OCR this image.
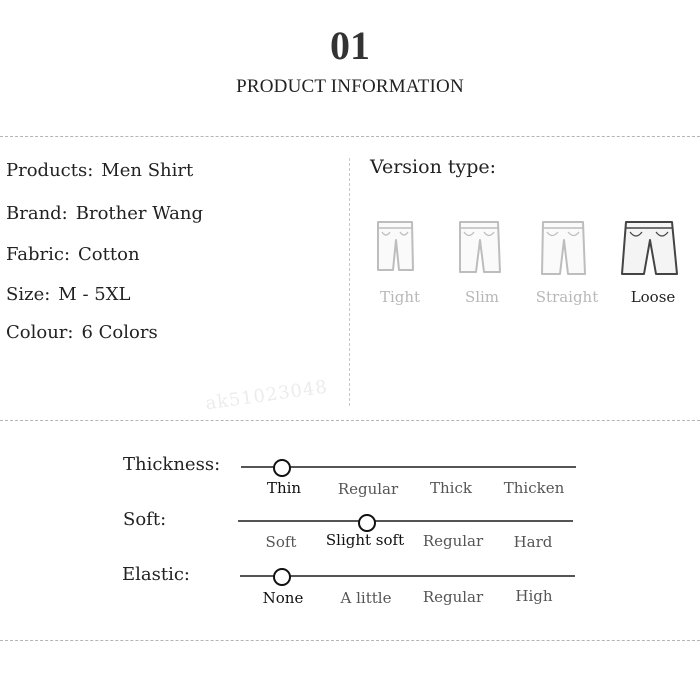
01
PRODUCT INFORMATION
Products: Men Shirt
Brand: Brother Wang
Fabric: Cotton
Size: M - 5XL
Colour: 6 Colors
Version type:
Tight	Slim	Straight	Loose
ak51023048
Thickness:
Thin	Regular	Thick	Thicken
Soft:
Soft	Slight soft	Regular	Hard
Elastic:
None	A little	Regular	High
